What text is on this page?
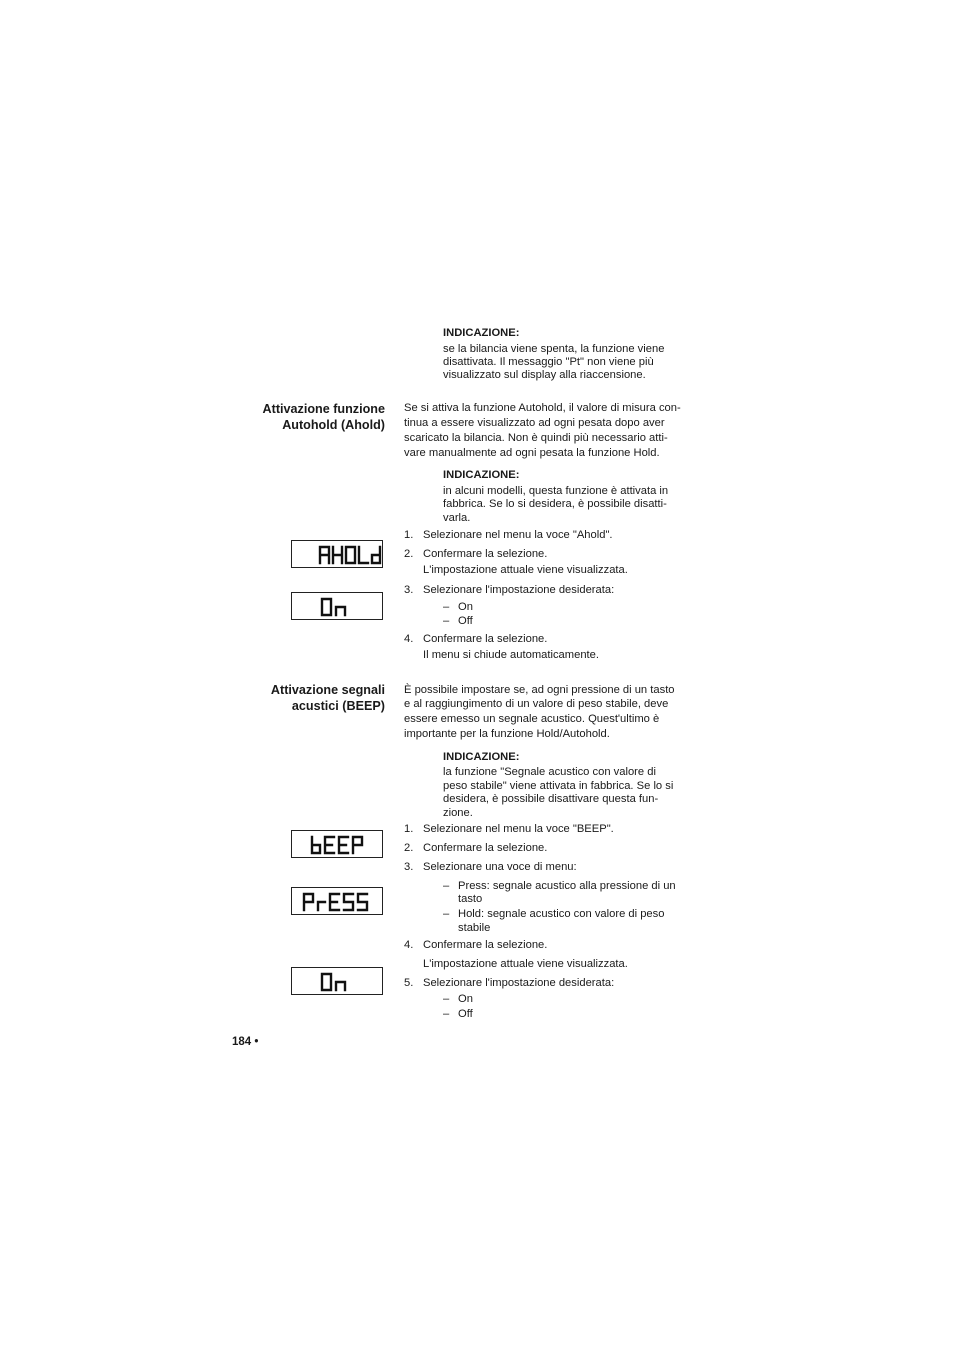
INDICAZIONE:
se la bilancia viene spenta, la funzione viene
disattivata. Il messaggio "Pt" non viene più
visualizzato sul display alla riaccensione.
Attivazione funzione
Autohold (Ahold)
Se si attiva la funzione Autohold, il valore di misura con-
tinua a essere visualizzato ad ogni pesata dopo aver
scaricato la bilancia. Non è quindi più necessario atti-
vare manualmente ad ogni pesata la funzione Hold.
INDICAZIONE:
in alcuni modelli, questa funzione è attivata in
fabbrica. Se lo si desidera, è possibile disatti-
varla.
1. Selezionare nel menu la voce "Ahold".
2. Confermare la selezione.
L'impostazione attuale viene visualizzata.
3. Selezionare l'impostazione desiderata:
– On
– Off
4. Confermare la selezione.
Il menu si chiude automaticamente.
Attivazione segnali
acustici (BEEP)
È possibile impostare se, ad ogni pressione di un tasto
e al raggiungimento di un valore di peso stabile, deve
essere emesso un segnale acustico. Quest'ultimo è
importante per la funzione Hold/Autohold.
INDICAZIONE:
la funzione "Segnale acustico con valore di
peso stabile" viene attivata in fabbrica. Se lo si
desidera, è possibile disattivare questa fun-
zione.
1. Selezionare nel menu la voce "BEEP".
2. Confermare la selezione.
3. Selezionare una voce di menu:
– Press: segnale acustico alla pressione di un
tasto
– Hold: segnale acustico con valore di peso
stabile
4. Confermare la selezione.
L'impostazione attuale viene visualizzata.
5. Selezionare l'impostazione desiderata:
– On
– Off
184 •
